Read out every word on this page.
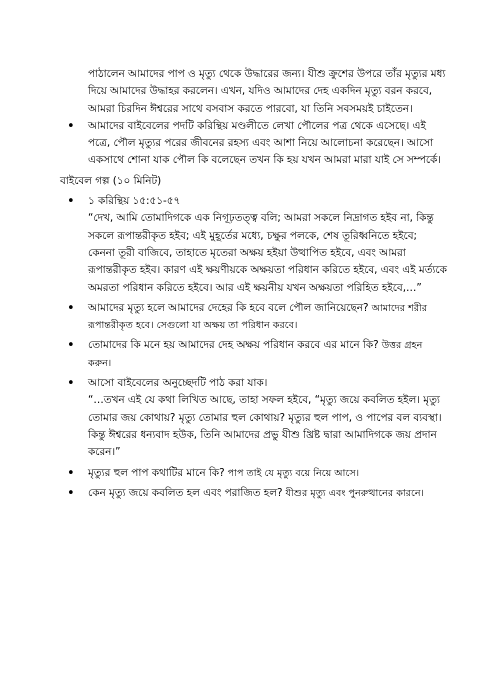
পাঠালেন আমাদের পাপ ও মৃত্যু থেকে উদ্ধারের জন্য। যীশু ক্রুশের উপরে তাঁর মৃত্যুর মধ্য দিয়ে আমাদের উদ্ধাহর করলেন। এখন, যদিও আমাদের দেহ একদিন মৃত্যু বরন করবে, আমরা চিরদিন ঈশ্বরের সাথে বসবাস করতে পারবো, যা তিনি সবসময়ই চাইতেন।

• আমাদের বাইবেলের পদটি করিন্থিয় মণ্ডলীতে লেখা পৌলের পত্র থেকে এসেছে। এই পত্রে, পৌল মৃত্যুর পরের জীবনের রহস্য এবং আশা নিয়ে আলোচনা করেছেন। আসো একসাথে শোনা যাক পৌল কি বলেছেন তখন কি হয় যখন আমরা মারা যাই সে সম্পর্কে।

বাইবেল গল্প (১০ মিনিট)

• ১ করিন্থিয় ১৫:৫১-৫৭
“দেখ, আমি তোমাদিগকে এক নিগূঢ়তত্ত্ব বলি; আমরা সকলে নিদ্রাগত হইব না, কিন্তু সকলে রূপান্তরীকৃত হইব; এই মুহূর্তের মধ্যে, চক্ষুর পলকে, শেষ তূরিধ্বনিতে হইবে; কেননা তূরী বাজিবে, তাহাতে মৃতেরা অক্ষয় হইয়া উত্থাপিত হইবে, এবং আমরা রূপান্তরীকৃত হইব। কারণ এই ক্ষয়ণীয়কে অক্ষয়তা পরিধান করিতে হইবে, এবং এই মর্ত্যকে অমরতা পরিধান করিতে হইবে। আর এই ক্ষয়নীয় যখন অক্ষয়তা পরিহিত হইবে,…”
• আমাদের মৃত্যু হলে আমাদের দেহের কি হবে বলে পৌল জানিয়েছেন? আমাদের শরীর রূপান্তরীকৃত হবে। সেগুলো যা অক্ষয় তা পরিধান করবে।
• তোমাদের কি মনে হয় আমাদের দেহ অক্ষয় পরিধান করবে এর মানে কি? উত্তর গ্রহন করুন।
• আসো বাইবেলের অনুচ্ছেদটি পাঠ করা যাক।
“…তখন এই যে কথা লিখিত আছে, তাহা সফল হইবে, “মৃত্যু জয়ে কবলিত হইল। মৃত্যু তোমার জয় কোথায়? মৃত্যু তোমার হুল কোথায়? মৃত্যুর হুল পাপ, ও পাপের বল ব্যবস্থা। কিন্তু ঈশ্বরের ধন্যবাদ হউক, তিনি আমাদের প্রভু যীশু খ্রিষ্ট দ্বারা আমাদিগকে জয় প্রদান করেন।”
• মৃত্যুর হুল পাপ কথাটির মানে কি? পাপ তাই যে মৃত্যু বয়ে নিয়ে আসে।
• কেন মৃত্যু জয়ে কবলিত হল এবং পরাজিত হল? যীশুর মৃত্যু এবং পুনরুত্থানের কারনে।
